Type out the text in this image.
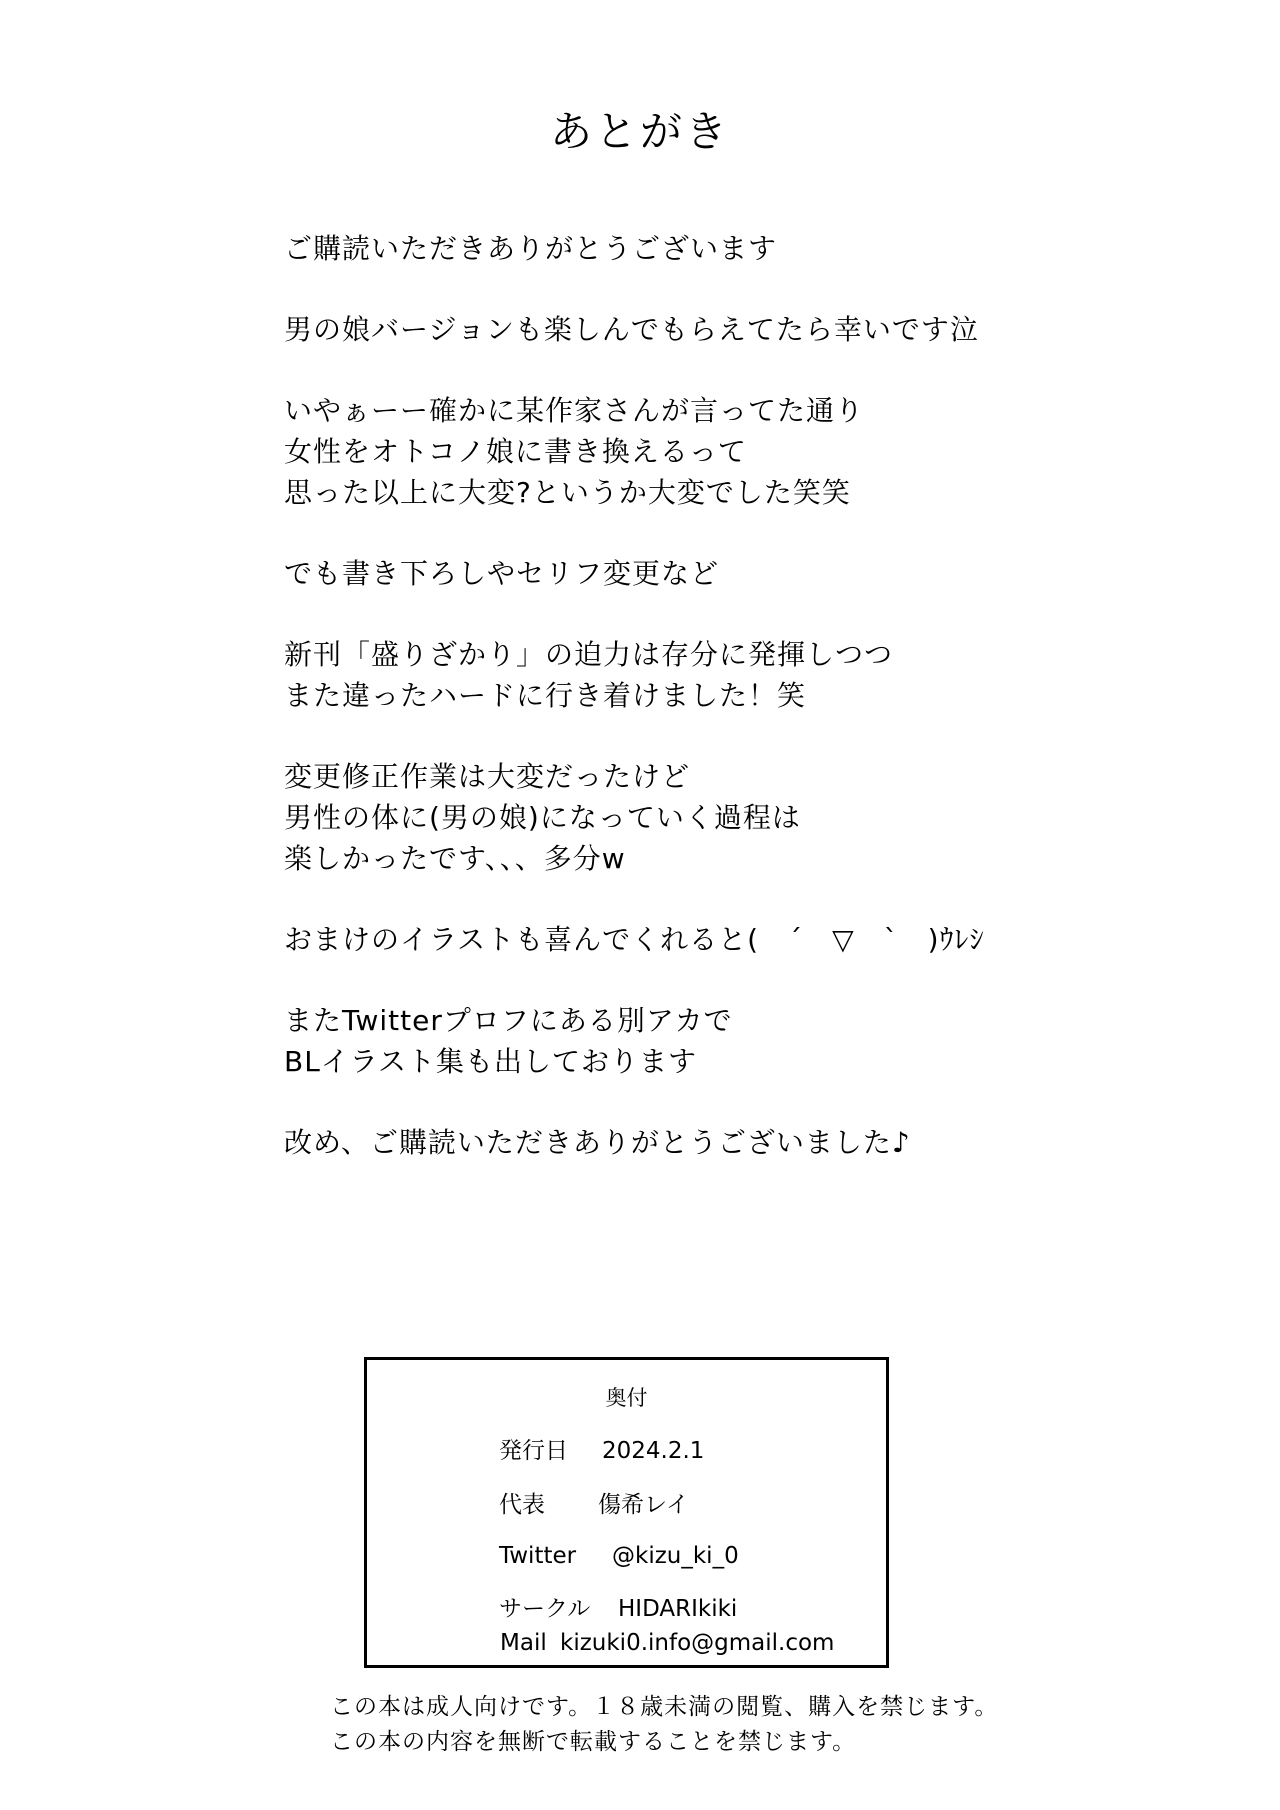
あとがき
ご購読いただきありがとうございます
男の娘バージョンも楽しんでもらえてたら幸いです泣
いやぁーー確かに某作家さんが言ってた通り
女性をオトコノ娘に書き換えるって
思った以上に大変?というか大変でした笑笑
でも書き下ろしやセリフ変更など
新刊「盛りざかり」の迫力は存分に発揮しつつ
また違ったハードに行き着けました！笑
変更修正作業は大変だったけど
男性の体に(男の娘)になっていく過程は
楽しかったです、、、多分w
おまけのイラストも喜んでくれると(　´　▽　`　)ｳﾚｼ
またTwitterプロフにある別アカで
BLイラスト集も出しております
改め、ご購読いただきありがとうございました♪
奥付
発行日 2024.2.1
代表 傷希レイ
Twitter @kizu_ki_0
サークル HIDARIkiki
Mail kizuki0.info@gmail.com
この本は成人向けです。１８歳未満の閲覧、購入を禁じます。
この本の内容を無断で転載することを禁じます。
